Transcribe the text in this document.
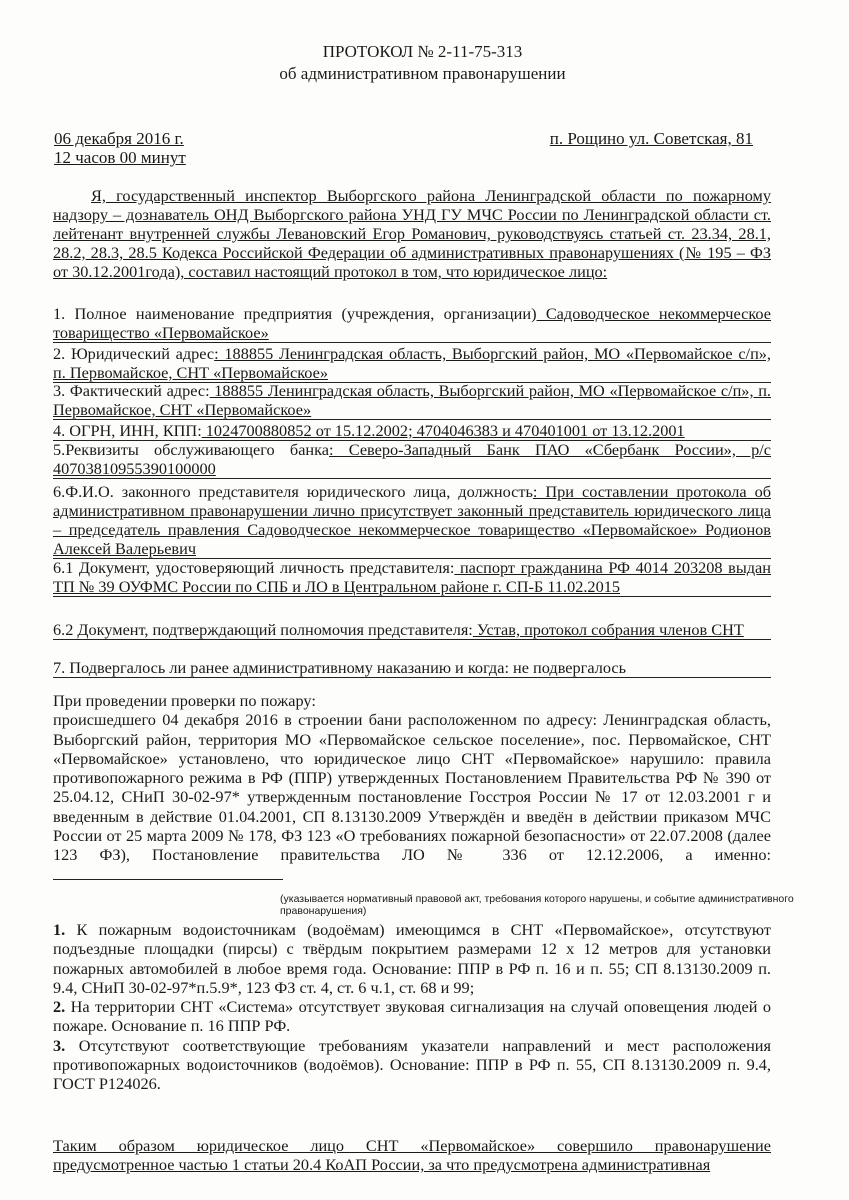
ПРОТОКОЛ № 2-11-75-313
об административном правонарушении
06 декабря 2016 г.
12 часов 00 минут
п. Рощино ул. Советская, 81
Я, государственный инспектор Выборгского района Ленинградской области по пожарному надзору – дознаватель ОНД Выборгского района УНД ГУ МЧС России по Ленинградской области ст. лейтенант внутренней службы Левановский Егор Романович, руководствуясь статьей ст. 23.34, 28.1, 28.2, 28.3, 28.5 Кодекса Российской Федерации об административных правонарушениях (№ 195 – ФЗ от 30.12.2001года), составил настоящий протокол в том, что юридическое лицо:
1. Полное наименование предприятия (учреждения, организации) Садоводческое некоммерческое товарищество «Первомайское»
2. Юридический адрес: 188855 Ленинградская область, Выборгский район, МО «Первомайское с/п», п. Первомайское, СНТ «Первомайское»
3. Фактический адрес: 188855 Ленинградская область, Выборгский район, МО «Первомайское с/п», п. Первомайское, СНТ «Первомайское»
4. ОГРН, ИНН, КПП: 1024700880852 от 15.12.2002; 4704046383 и 470401001 от 13.12.2001
5.Реквизиты обслуживающего банка: Северо-Западный Банк ПАО «Сбербанк России», р/с 40703810955390100000
6.Ф.И.О. законного представителя юридического лица, должность: При составлении протокола об административном правонарушении лично присутствует законный представитель юридического лица – председатель правления Садоводческое некоммерческое товарищество «Первомайское» Родионов Алексей Валерьевич
6.1 Документ, удостоверяющий личность представителя: паспорт гражданина РФ 4014 203208 выдан ТП № 39 ОУФМС России по СПБ и ЛО в Центральном районе г. СП-Б 11.02.2015
6.2 Документ, подтверждающий полномочия представителя: Устав, протокол собрания членов СНТ
7. Подвергалось ли ранее административному наказанию и когда: не подвергалось
При проведении проверки по пожару:
происшедшего 04 декабря 2016 в строении бани расположенном по адресу: Ленинградская область, Выборгский район, территория МО «Первомайское сельское поселение», пос. Первомайское, СНТ «Первомайское» установлено, что юридическое лицо СНТ «Первомайское» нарушило: правила противопожарного режима в РФ (ППР) утвержденных Постановлением Правительства РФ № 390 от 25.04.12, СНиП 30-02-97* утвержденным постановление Госстроя России № 17 от 12.03.2001 г и введенным в действие 01.04.2001, СП 8.13130.2009 Утверждён и введён в действии приказом МЧС России от 25 марта 2009 № 178, ФЗ 123 «О требованиях пожарной безопасности» от 22.07.2008 (далее 123 ФЗ), Постановление правительства ЛО № 336 от 12.12.2006, а именно:
(указывается нормативный правовой акт, требования которого нарушены, и событие административного правонарушения)
1. К пожарным водоисточникам (водоёмам) имеющимся в СНТ «Первомайское», отсутствуют подъездные площадки (пирсы) с твёрдым покрытием размерами 12 х 12 метров для установки пожарных автомобилей в любое время года. Основание: ППР в РФ п. 16 и п. 55; СП 8.13130.2009 п. 9.4, СНиП 30-02-97*п.5.9*, 123 ФЗ ст. 4, ст. 6 ч.1, ст. 68 и 99;
2. На территории СНТ «Система» отсутствует звуковая сигнализация на случай оповещения людей о пожаре. Основание п. 16 ППР РФ.
3. Отсутствуют соответствующие требованиям указатели направлений и мест расположения противопожарных водоисточников (водоёмов). Основание: ППР в РФ п. 55, СП 8.13130.2009 п. 9.4, ГОСТ Р124026.
Таким образом юридическое лицо СНТ «Первомайское» совершило правонарушение предусмотренное частью 1 статьи 20.4 КоАП России, за что предусмотрена административная
